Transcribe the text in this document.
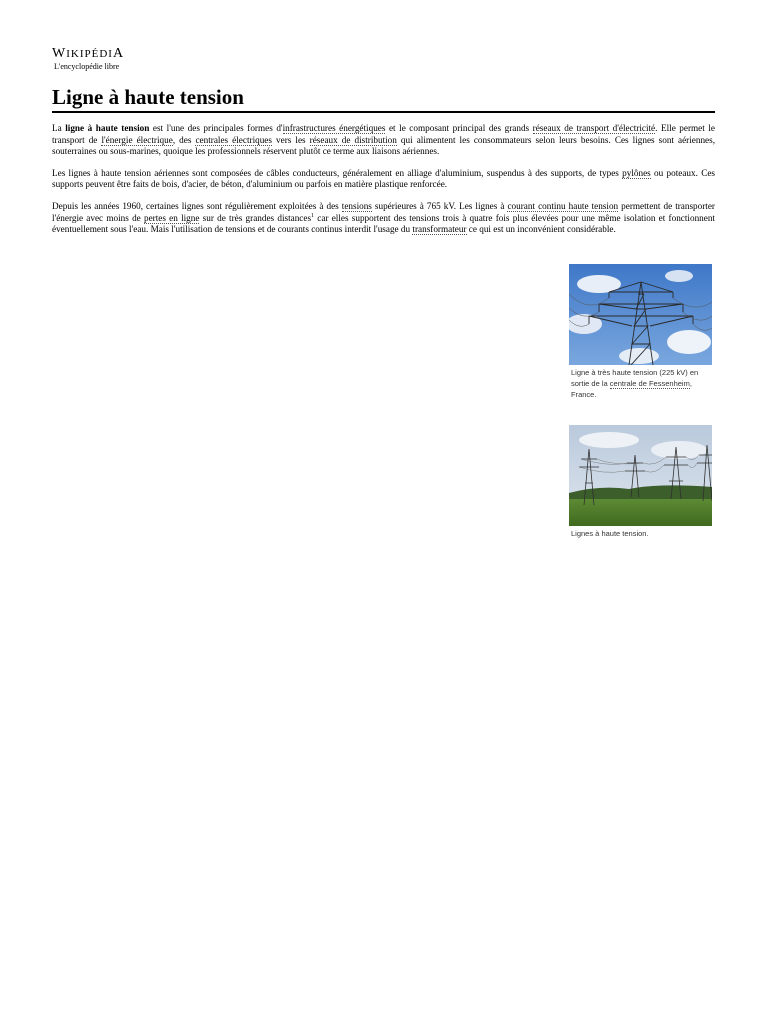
WIKIPÉDIA
L'encyclopédie libre
Ligne à haute tension

La ligne à haute tension est l'une des principales formes d'infrastructures énergétiques et le composant principal des grands réseaux de transport d'électricité. Elle permet le transport de l'énergie électrique, des centrales électriques vers les réseaux de distribution qui alimentent les consommateurs selon leurs besoins. Ces lignes sont aériennes, souterraines ou sous-marines, quoique les professionnels réservent plutôt ce terme aux liaisons aériennes.

Les lignes à haute tension aériennes sont composées de câbles conducteurs, généralement en alliage d'aluminium, suspendus à des supports, de types pylônes ou poteaux. Ces supports peuvent être faits de bois, d'acier, de béton, d'aluminium ou parfois en matière plastique renforcée.

Depuis les années 1960, certaines lignes sont régulièrement exploitées à des tensions supérieures à 765 kV. Les lignes à courant continu haute tension permettent de transporter l'énergie avec moins de pertes en ligne sur de très grandes distances$^1$ car elles supportent des tensions trois à quatre fois plus élevées pour une même isolation et fonctionnent éventuellement sous l'eau. Mais l'utilisation de tensions et de courants continus interdit l'usage du transformateur ce qui est un inconvénient considérable.

Ligne à très haute tension (225 kV) en sortie de la centrale de Fessenheim, France.
Lignes à haute tension.
